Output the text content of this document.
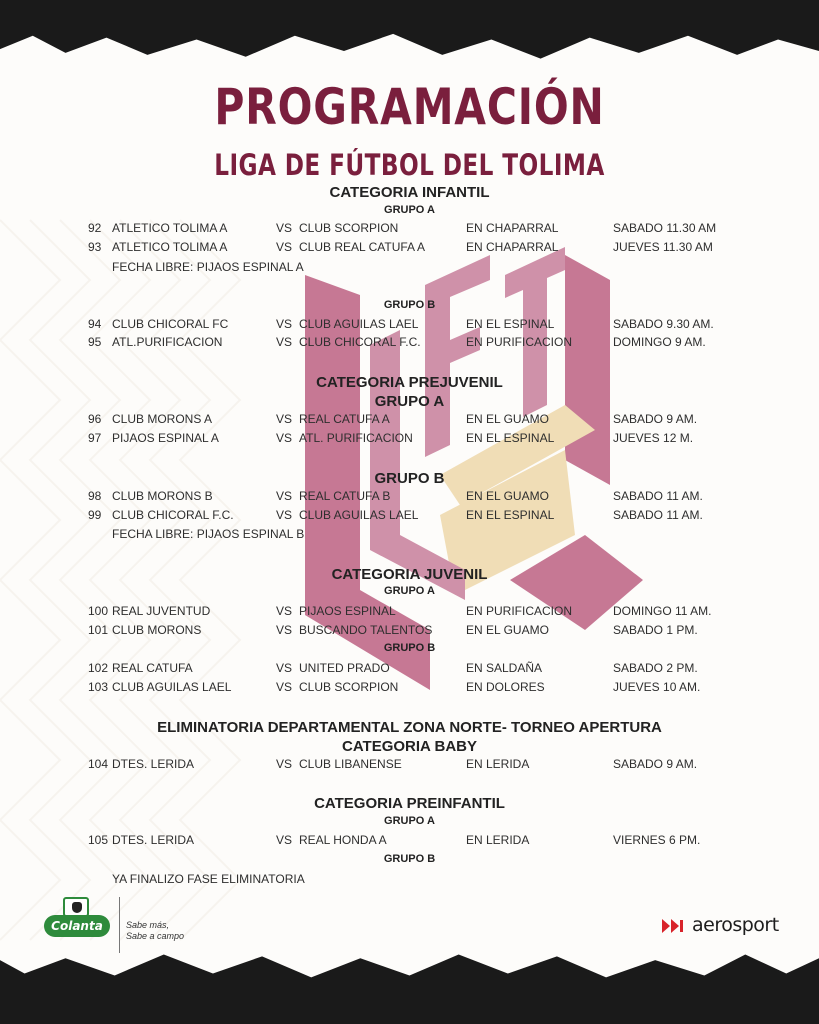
PROGRAMACIÓN
LIGA DE FÚTBOL DEL TOLIMA
CATEGORIA INFANTIL
GRUPO A
92 ATLETICO TOLIMA A	VS CLUB SCORPION	EN CHAPARRAL	SABADO 11.30 AM
93 ATLETICO TOLIMA A	VS CLUB REAL CATUFA A	EN CHAPARRAL	JUEVES 11.30 AM
FECHA LIBRE: PIJAOS ESPINAL A
GRUPO B
94 CLUB CHICORAL FC	VS CLUB AGUILAS LAEL	EN EL ESPINAL	SABADO 9.30 AM.
95 ATL.PURIFICACION	VS CLUB CHICORAL F.C.	EN PURIFICACION	DOMINGO 9 AM.
CATEGORIA PREJUVENIL
GRUPO A
96 CLUB MORONS A	VS REAL CATUFA A	EN EL GUAMO	SABADO 9 AM.
97 PIJAOS ESPINAL A	VS ATL. PURIFICACION	EN EL ESPINAL	JUEVES 12 M.
GRUPO B
98 CLUB MORONS B	VS REAL CATUFA B	EN EL GUAMO	SABADO 11 AM.
99 CLUB CHICORAL F.C.	VS CLUB AGUILAS LAEL	EN EL ESPINAL	SABADO 11 AM.
FECHA LIBRE: PIJAOS ESPINAL B
CATEGORIA JUVENIL
GRUPO A
100 REAL JUVENTUD	VS PIJAOS ESPINAL	EN PURIFICACION	DOMINGO 11 AM.
101 CLUB MORONS	VS BUSCANDO TALENTOS	EN EL GUAMO	SABADO 1 PM.
GRUPO B
102 REAL CATUFA	VS UNITED PRADO	EN SALDAÑA	SABADO 2 PM.
103 CLUB AGUILAS LAEL	VS CLUB SCORPION	EN DOLORES	JUEVES 10 AM.
ELIMINATORIA DEPARTAMENTAL ZONA NORTE- TORNEO APERTURA
CATEGORIA BABY
104 DTES. LERIDA	VS CLUB LIBANENSE	EN LERIDA	SABADO 9 AM.
CATEGORIA PREINFANTIL
GRUPO A
105 DTES. LERIDA	VS REAL HONDA A	EN LERIDA	VIERNES 6 PM.
GRUPO B
YA FINALIZO FASE ELIMINATORIA
Colanta	Sabe más,
Sabe a campo	aerosport
